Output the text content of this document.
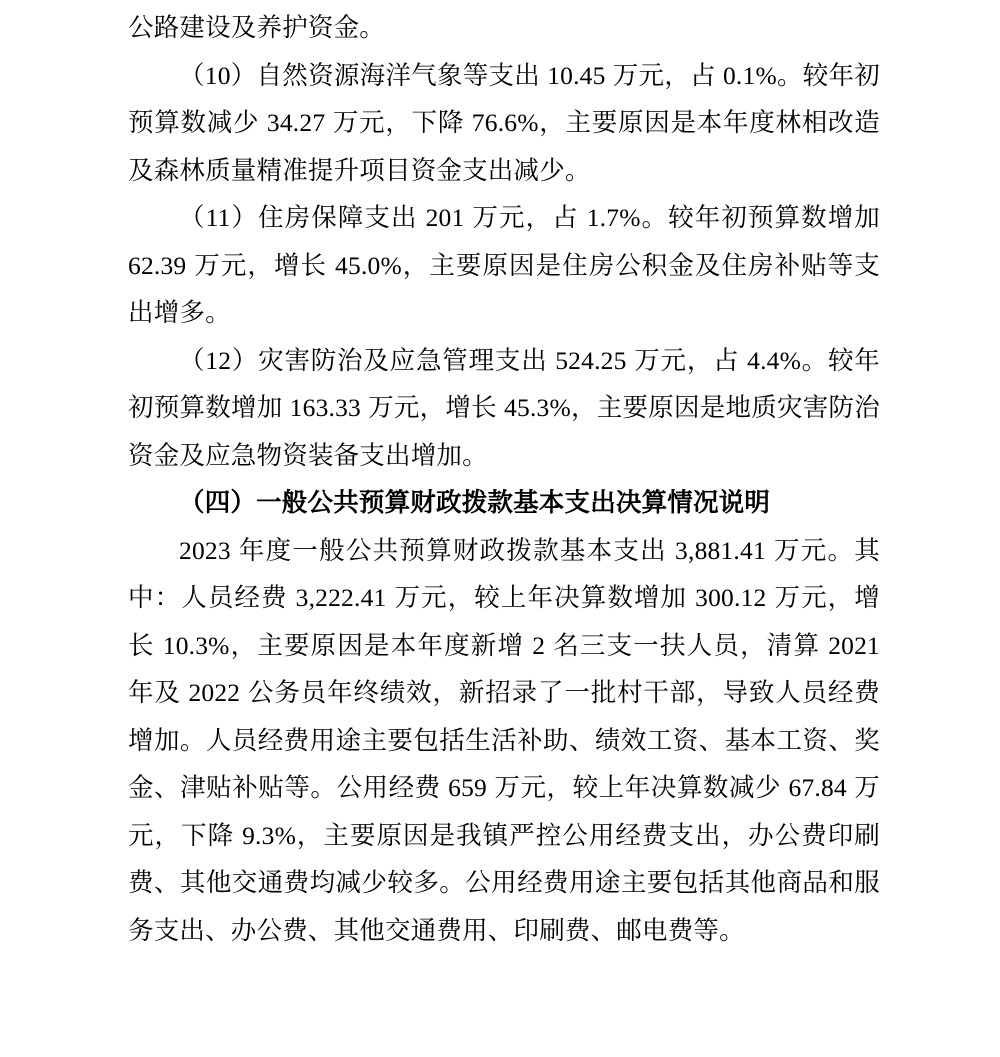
公路建设及养护资金。

（10）自然资源海洋气象等支出 10.45 万元，占 0.1%。较年初预算数减少 34.27 万元，下降 76.6%，主要原因是本年度林相改造及森林质量精准提升项目资金支出减少。

（11）住房保障支出 201 万元，占 1.7%。较年初预算数增加 62.39 万元，增长 45.0%，主要原因是住房公积金及住房补贴等支出增多。

（12）灾害防治及应急管理支出 524.25 万元，占 4.4%。较年初预算数增加 163.33 万元，增长 45.3%，主要原因是地质灾害防治资金及应急物资装备支出增加。

（四）一般公共预算财政拨款基本支出决算情况说明

2023 年度一般公共预算财政拨款基本支出 3,881.41 万元。其中：人员经费 3,222.41 万元，较上年决算数增加 300.12 万元，增长 10.3%，主要原因是本年度新增 2 名三支一扶人员，清算 2021 年及 2022 公务员年终绩效，新招录了一批村干部，导致人员经费增加。人员经费用途主要包括生活补助、绩效工资、基本工资、奖金、津贴补贴等。公用经费 659 万元，较上年决算数减少 67.84 万元，下降 9.3%，主要原因是我镇严控公用经费支出，办公费印刷费、其他交通费均减少较多。公用经费用途主要包括其他商品和服务支出、办公费、其他交通费用、印刷费、邮电费等。
